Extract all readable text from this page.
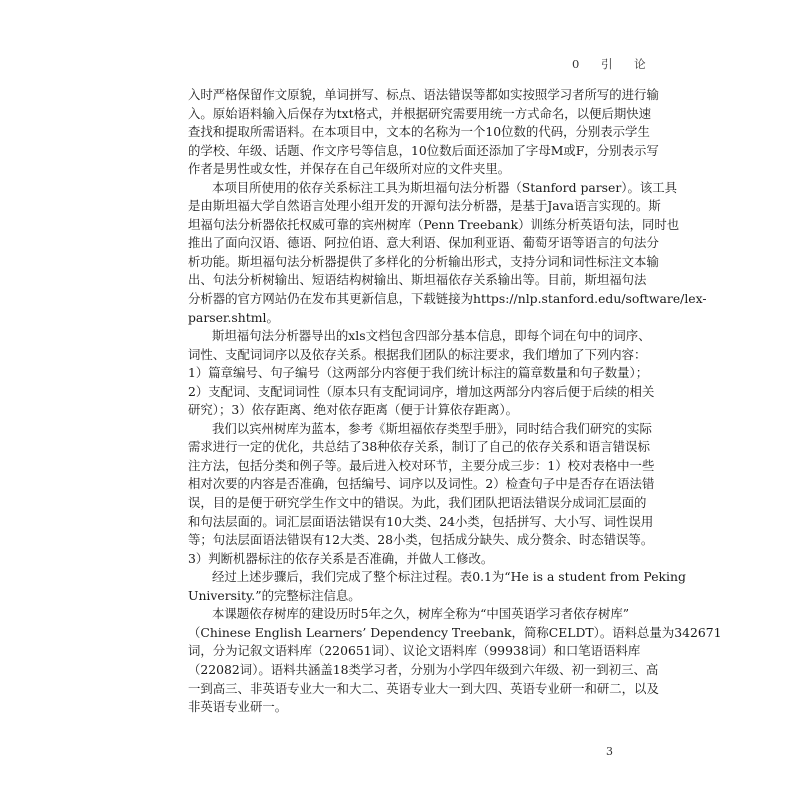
0 引 论
入时严格保留作文原貌，单词拼写、标点、语法错误等都如实按照学习者所写的进行输
入。原始语料输入后保存为txt格式，并根据研究需要用统一方式命名，以便后期快速
查找和提取所需语料。在本项目中，文本的名称为一个10位数的代码，分别表示学生
的学校、年级、话题、作文序号等信息，10位数后面还添加了字母M或F，分别表示写
作者是男性或女性，并保存在自己年级所对应的文件夹里。
本项目所使用的依存关系标注工具为斯坦福句法分析器（Stanford parser）。该工具
是由斯坦福大学自然语言处理小组开发的开源句法分析器，是基于Java语言实现的。斯
坦福句法分析器依托权威可靠的宾州树库（Penn Treebank）训练分析英语句法，同时也
推出了面向汉语、德语、阿拉伯语、意大利语、保加利亚语、葡萄牙语等语言的句法分
析功能。斯坦福句法分析器提供了多样化的分析输出形式，支持分词和词性标注文本输
出、句法分析树输出、短语结构树输出、斯坦福依存关系输出等。目前，斯坦福句法
分析器的官方网站仍在发布其更新信息，下载链接为https://nlp.stanford.edu/software/lex-
parser.shtml。
斯坦福句法分析器导出的xls文档包含四部分基本信息，即每个词在句中的词序、
词性、支配词词序以及依存关系。根据我们团队的标注要求，我们增加了下列内容：
1）篇章编号、句子编号（这两部分内容便于我们统计标注的篇章数量和句子数量）；
2）支配词、支配词词性（原本只有支配词词序，增加这两部分内容后便于后续的相关
研究）；3）依存距离、绝对依存距离（便于计算依存距离）。
我们以宾州树库为蓝本，参考《斯坦福依存类型手册》，同时结合我们研究的实际
需求进行一定的优化，共总结了38种依存关系，制订了自己的依存关系和语言错误标
注方法，包括分类和例子等。最后进入校对环节，主要分成三步：1）校对表格中一些
相对次要的内容是否准确，包括编号、词序以及词性。2）检查句子中是否存在语法错
误，目的是便于研究学生作文中的错误。为此，我们团队把语法错误分成词汇层面的
和句法层面的。词汇层面语法错误有10大类、24小类，包括拼写、大小写、词性误用
等；句法层面语法错误有12大类、28小类，包括成分缺失、成分赘余、时态错误等。
3）判断机器标注的依存关系是否准确，并做人工修改。
经过上述步骤后，我们完成了整个标注过程。表0.1为“He is a student from Peking
University.”的完整标注信息。
本课题依存树库的建设历时5年之久，树库全称为“中国英语学习者依存树库”
（Chinese English Learners’ Dependency Treebank，简称CELDT）。语料总量为342671
词，分为记叙文语料库（220651词）、议论文语料库（99938词）和口笔语语料库
（22082词）。语料共涵盖18类学习者，分别为小学四年级到六年级、初一到初三、高
一到高三、非英语专业大一和大二、英语专业大一到大四、英语专业研一和研二，以及
非英语专业研一。
3
